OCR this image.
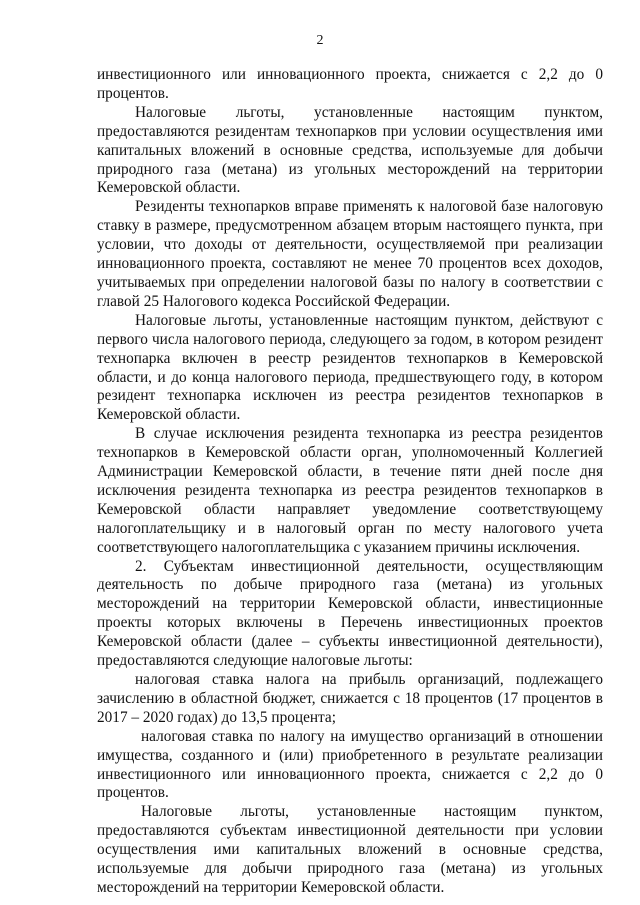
2

инвестиционного или инновационного проекта, снижается с 2,2 до 0 процентов.

Налоговые льготы, установленные настоящим пунктом, предоставляются резидентам технопарков при условии осуществления ими капитальных вложений в основные средства, используемые для добычи природного газа (метана) из угольных месторождений на территории Кемеровской области.

Резиденты технопарков вправе применять к налоговой базе налоговую ставку в размере, предусмотренном абзацем вторым настоящего пункта, при условии, что доходы от деятельности, осуществляемой при реализации инновационного проекта, составляют не менее 70 процентов всех доходов, учитываемых при определении налоговой базы по налогу в соответствии с главой 25 Налогового кодекса Российской Федерации.

Налоговые льготы, установленные настоящим пунктом, действуют с первого числа налогового периода, следующего за годом, в котором резидент технопарка включен в реестр резидентов технопарков в Кемеровской области, и до конца налогового периода, предшествующего году, в котором резидент технопарка исключен из реестра резидентов технопарков в Кемеровской области.

В случае исключения резидента технопарка из реестра резидентов технопарков в Кемеровской области орган, уполномоченный Коллегией Администрации Кемеровской области, в течение пяти дней после дня исключения резидента технопарка из реестра резидентов технопарков в Кемеровской области направляет уведомление соответствующему налогоплательщику и в налоговый орган по месту налогового учета соответствующего налогоплательщика с указанием причины исключения.

2. Субъектам инвестиционной деятельности, осуществляющим деятельность по добыче природного газа (метана) из угольных месторождений на территории Кемеровской области, инвестиционные проекты которых включены в Перечень инвестиционных проектов Кемеровской области (далее – субъекты инвестиционной деятельности), предоставляются следующие налоговые льготы:

налоговая ставка налога на прибыль организаций, подлежащего зачислению в областной бюджет, снижается с 18 процентов (17 процентов в 2017 – 2020 годах) до 13,5 процента;

налоговая ставка по налогу на имущество организаций в отношении имущества, созданного и (или) приобретенного в результате реализации инвестиционного или инновационного проекта, снижается с 2,2 до 0 процентов.

Налоговые льготы, установленные настоящим пунктом, предоставляются субъектам инвестиционной деятельности при условии осуществления ими капитальных вложений в основные средства, используемые для добычи природного газа (метана) из угольных месторождений на территории Кемеровской области.
